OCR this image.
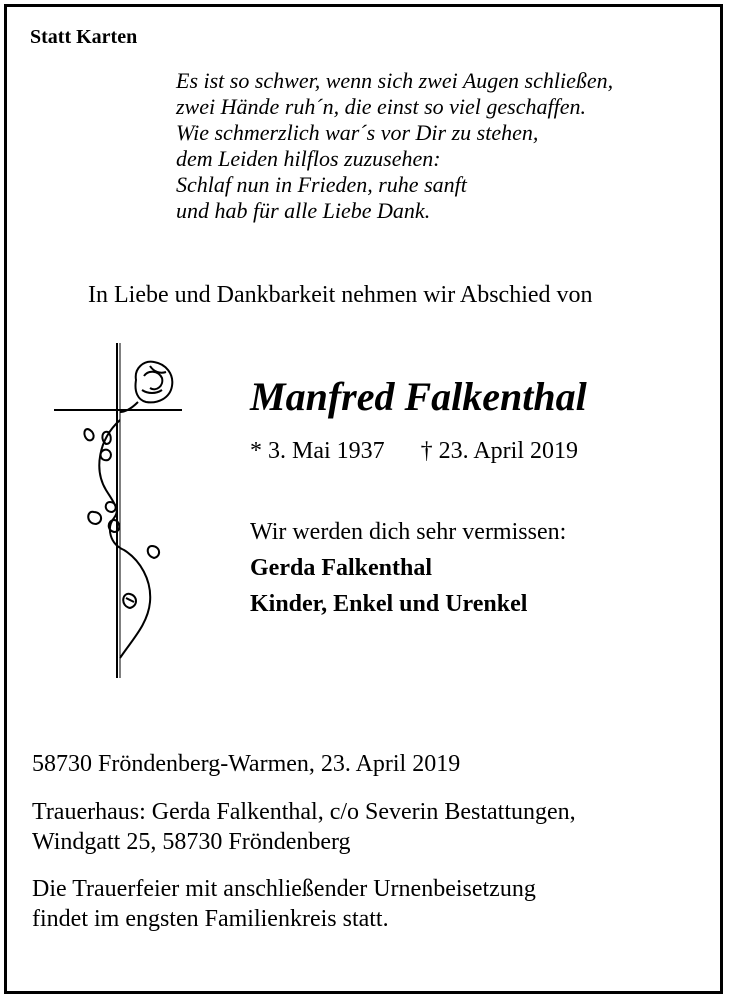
Statt Karten
Es ist so schwer, wenn sich zwei Augen schließen,
zwei Hände ruh´n, die einst so viel geschaffen.
Wie schmerzlich war´s vor Dir zu stehen,
dem Leiden hilflos zuzusehen:
Schlaf nun in Frieden, ruhe sanft
und hab für alle Liebe Dank.
In Liebe und Dankbarkeit nehmen wir Abschied von
Manfred Falkenthal
* 3. Mai 1937 † 23. April 2019
Wir werden dich sehr vermissen:
Gerda Falkenthal
Kinder, Enkel und Urenkel
58730 Fröndenberg-Warmen, 23. April 2019
Trauerhaus: Gerda Falkenthal, c/o Severin Bestattungen,
Windgatt 25, 58730 Fröndenberg
Die Trauerfeier mit anschließender Urnenbeisetzung
findet im engsten Familienkreis statt.
